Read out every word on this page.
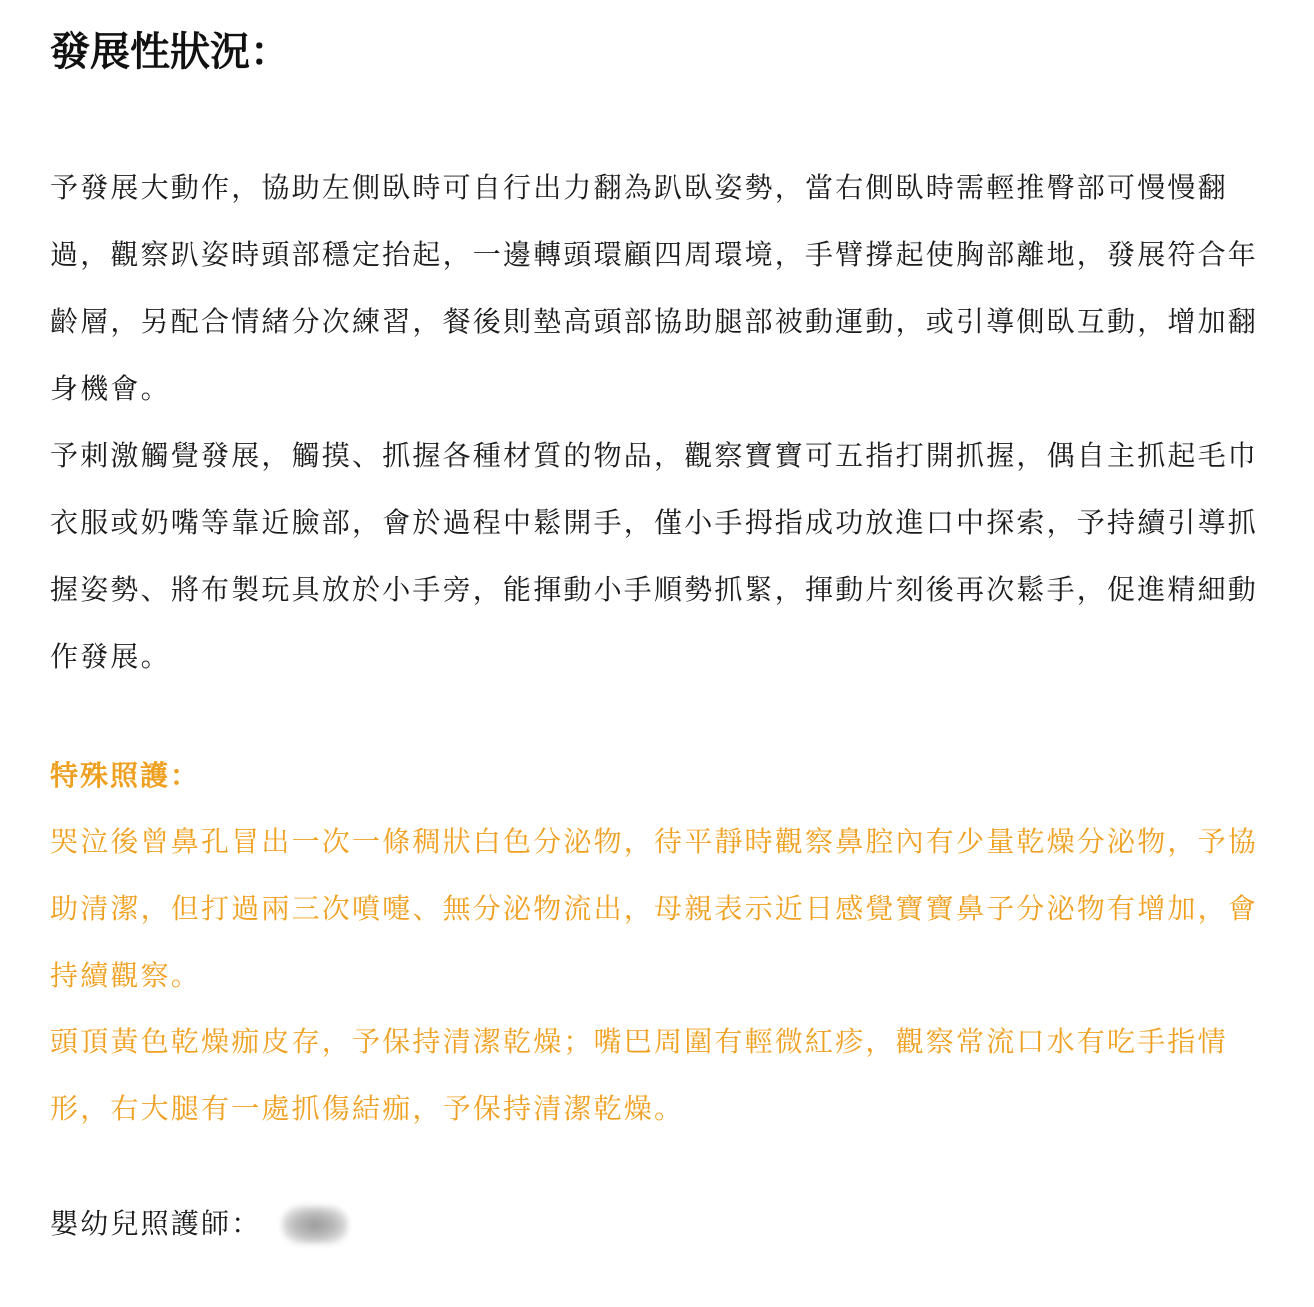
發展性狀況：

予發展大動作，協助左側臥時可自行出力翻為趴臥姿勢，當右側臥時需輕推臀部可慢慢翻過，觀察趴姿時頭部穩定抬起，一邊轉頭環顧四周環境，手臂撐起使胸部離地，發展符合年齡層，另配合情緒分次練習，餐後則墊高頭部協助腿部被動運動，或引導側臥互動，增加翻身機會。

予刺激觸覺發展，觸摸、抓握各種材質的物品，觀察寶寶可五指打開抓握，偶自主抓起毛巾衣服或奶嘴等靠近臉部，會於過程中鬆開手，僅小手拇指成功放進口中探索，予持續引導抓握姿勢、將布製玩具放於小手旁，能揮動小手順勢抓緊，揮動片刻後再次鬆手，促進精細動作發展。

特殊照護：

哭泣後曾鼻孔冒出一次一條稠狀白色分泌物，待平靜時觀察鼻腔內有少量乾燥分泌物，予協助清潔，但打過兩三次噴嚏、無分泌物流出，母親表示近日感覺寶寶鼻子分泌物有增加，會持續觀察。

頭頂黃色乾燥痂皮存，予保持清潔乾燥；嘴巴周圍有輕微紅疹，觀察常流口水有吃手指情形，右大腿有一處抓傷結痂，予保持清潔乾燥。

嬰幼兒照護師：
